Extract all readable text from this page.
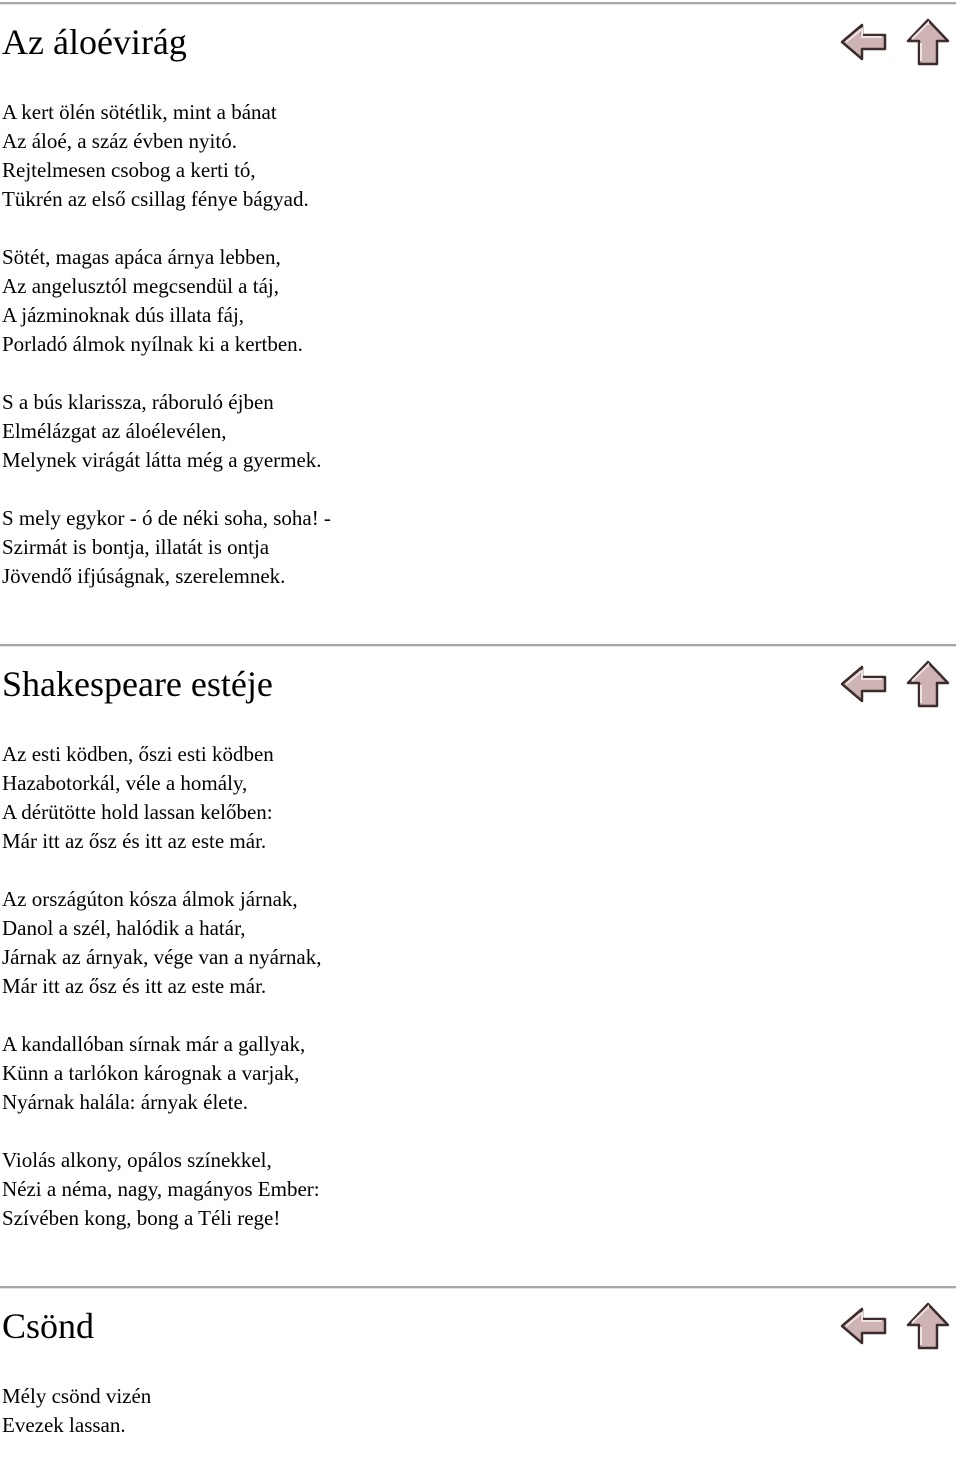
Az áloévirág

A kert ölén sötétlik, mint a bánat
Az áloé, a száz évben nyitó.
Rejtelmesen csobog a kerti tó,
Tükrén az első csillag fénye bágyad.

Sötét, magas apáca árnya lebben,
Az angelusztól megcsendül a táj,
A jázminoknak dús illata fáj,
Porladó álmok nyílnak ki a kertben.

S a bús klarissza, ráboruló éjben
Elmélázgat az áloélevélen,
Melynek virágát látta még a gyermek.

S mely egykor - ó de néki soha, soha! -
Szirmát is bontja, illatát is ontja
Jövendő ifjúságnak, szerelemnek.

Shakespeare estéje

Az esti ködben, őszi esti ködben
Hazabotorkál, véle a homály,
A dérütötte hold lassan kelőben:
Már itt az ősz és itt az este már.

Az országúton kósza álmok járnak,
Danol a szél, halódik a határ,
Járnak az árnyak, vége van a nyárnak,
Már itt az ősz és itt az este már.

A kandallóban sírnak már a gallyak,
Künn a tarlókon kárognak a varjak,
Nyárnak halála: árnyak élete.

Violás alkony, opálos színekkel,
Nézi a néma, nagy, magányos Ember:
Szívében kong, bong a Téli rege!

Csönd

Mély csönd vizén
Evezek lassan.
